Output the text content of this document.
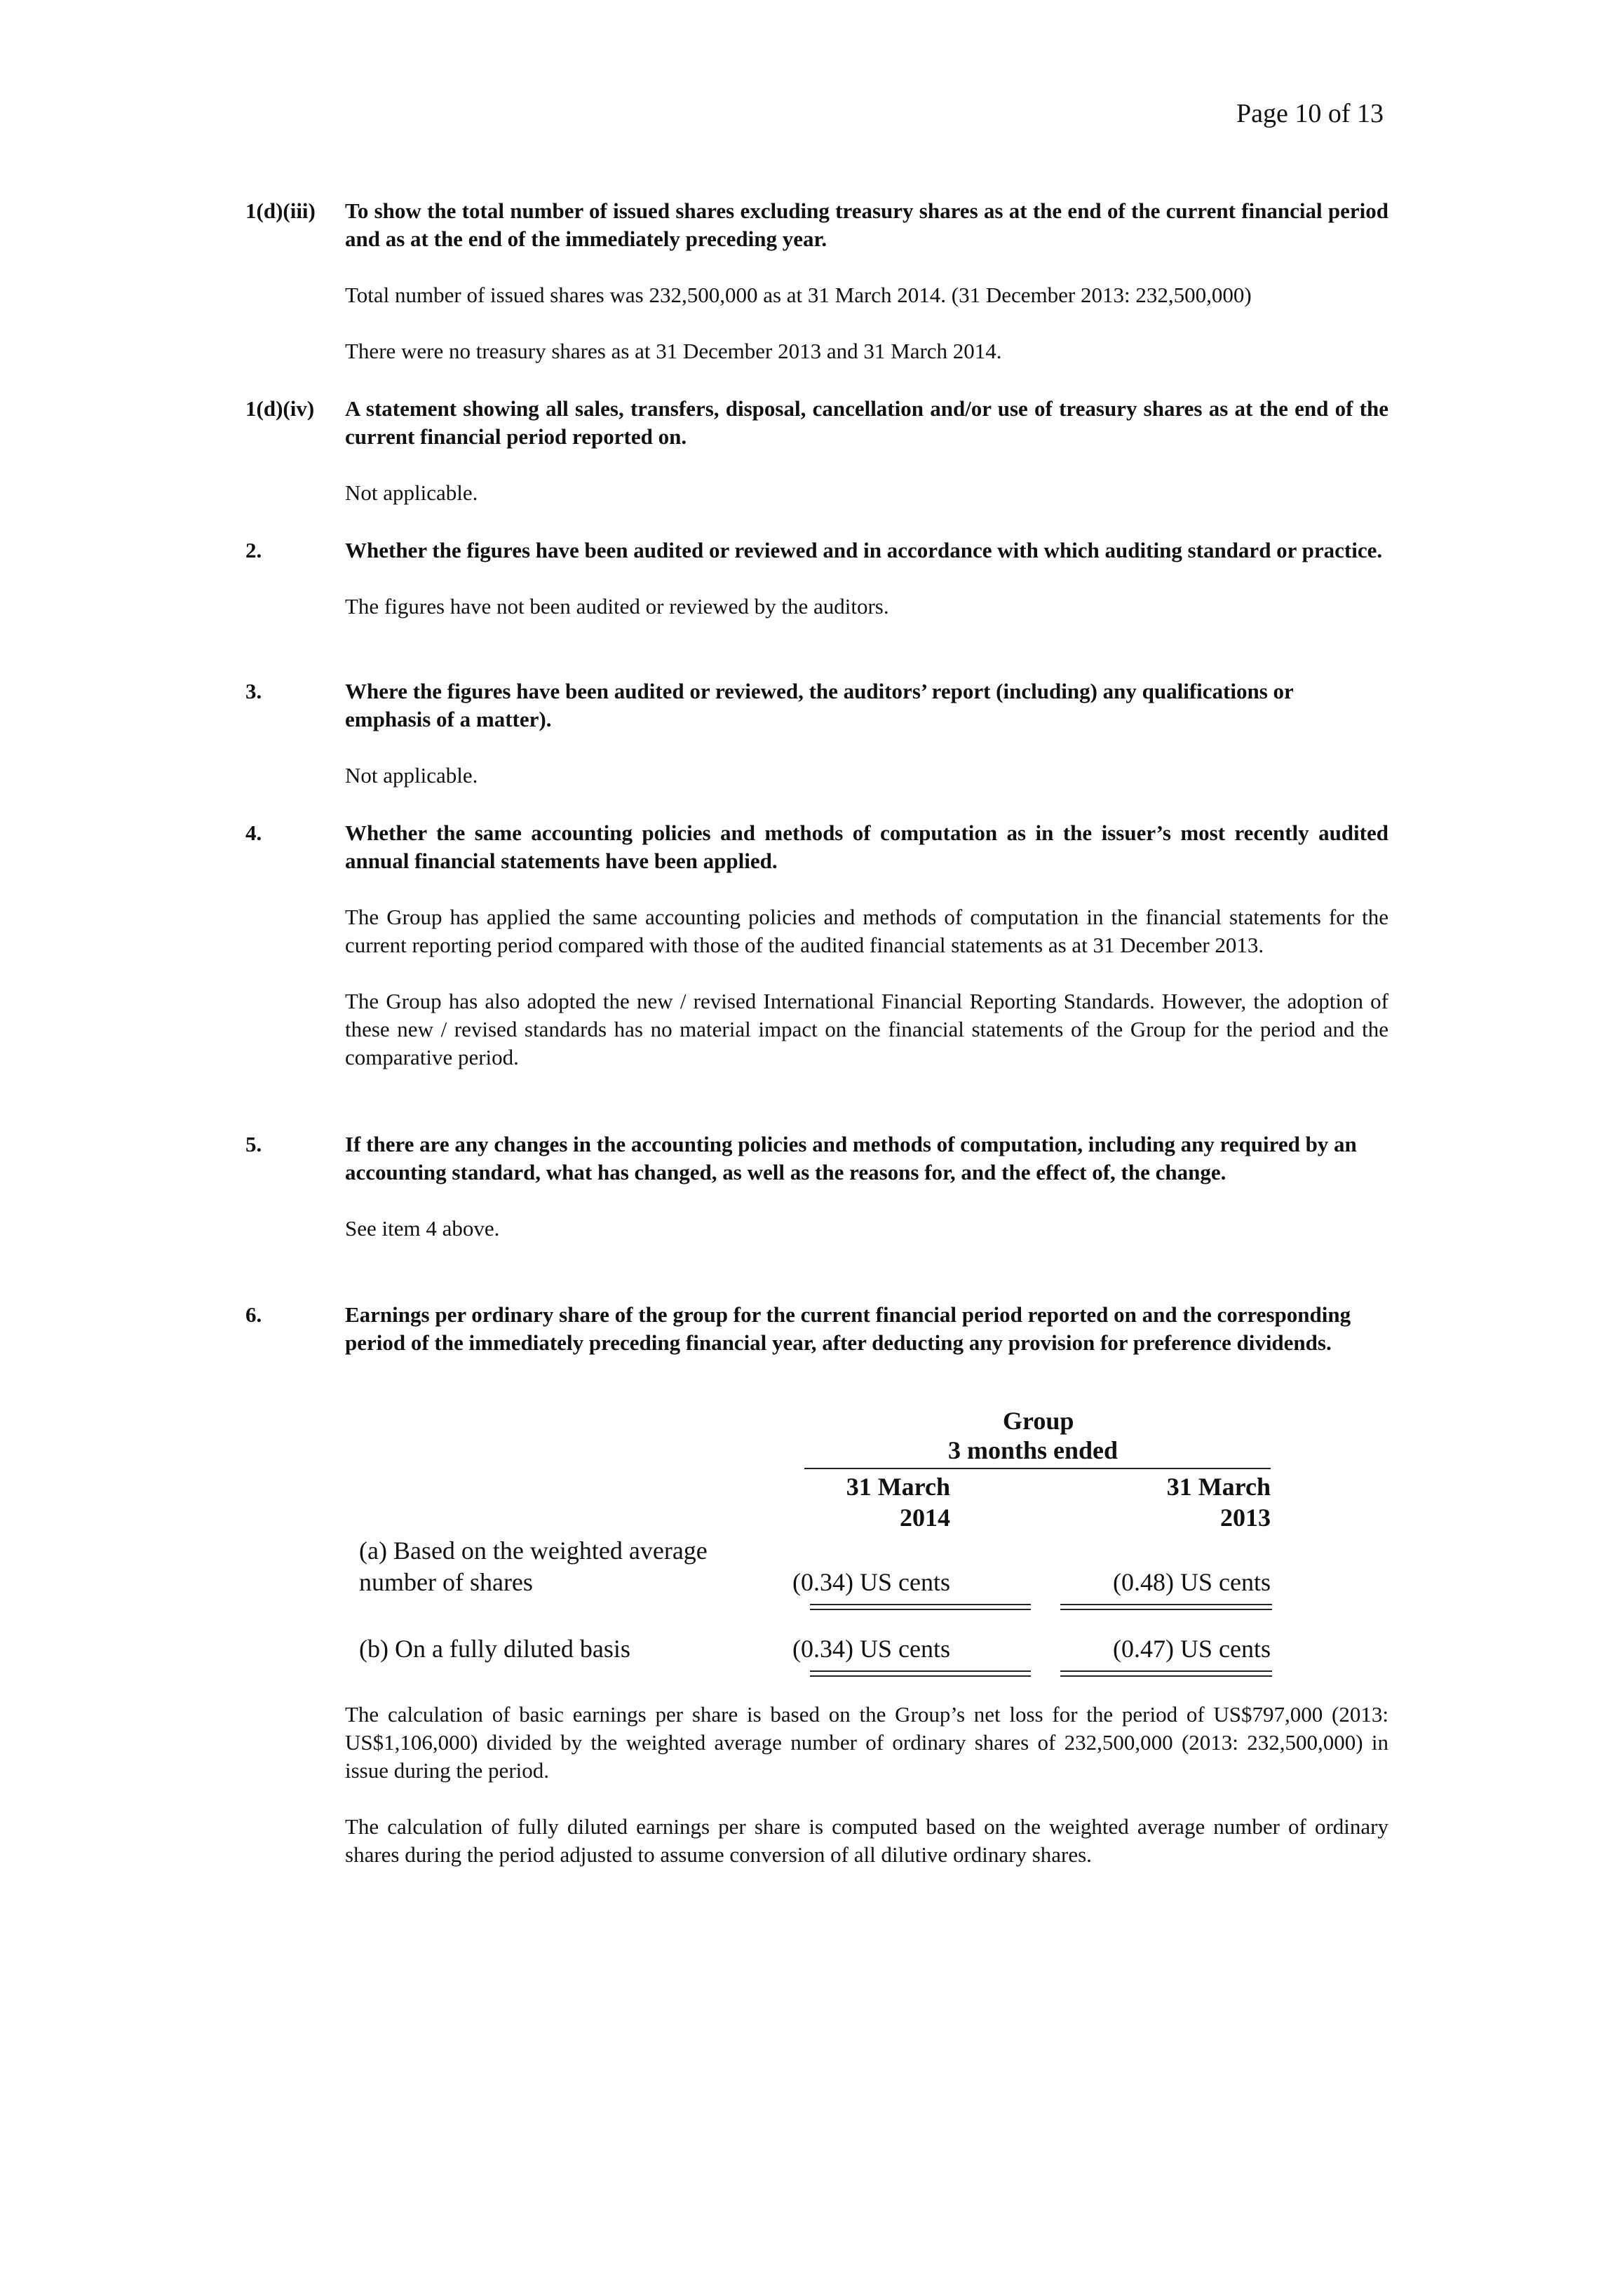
Page 10 of 13
1(d)(iii) To show the total number of issued shares excluding treasury shares as at the end of the current financial period and as at the end of the immediately preceding year.

Total number of issued shares was 232,500,000 as at 31 March 2014. (31 December 2013: 232,500,000)

There were no treasury shares as at 31 December 2013 and 31 March 2014.

1(d)(iv) A statement showing all sales, transfers, disposal, cancellation and/or use of treasury shares as at the end of the current financial period reported on.

Not applicable.

2.	Whether the figures have been audited or reviewed and in accordance with which auditing standard or practice.

The figures have not been audited or reviewed by the auditors.

3.	Where the figures have been audited or reviewed, the auditors’ report (including) any qualifications or emphasis of a matter).

Not applicable.

4.	Whether the same accounting policies and methods of computation as in the issuer’s most recently audited annual financial statements have been applied.

The Group has applied the same accounting policies and methods of computation in the financial statements for the current reporting period compared with those of the audited financial statements as at 31 December 2013.

The Group has also adopted the new / revised International Financial Reporting Standards. However, the adoption of these new / revised standards has no material impact on the financial statements of the Group for the period and the comparative period.

5.	If there are any changes in the accounting policies and methods of computation, including any required by an accounting standard, what has changed, as well as the reasons for, and the effect of, the change.

See item 4 above.

6.	Earnings per ordinary share of the group for the current financial period reported on and the corresponding period of the immediately preceding financial year, after deducting any provision for preference dividends.

Group
3 months ended
31 March
2014
31 March
2013
(a) Based on the weighted average
number of shares	(0.34) US cents	(0.48) US cents
(b) On a fully diluted basis	(0.34) US cents	(0.47) US cents

The calculation of basic earnings per share is based on the Group’s net loss for the period of US$797,000 (2013: US$1,106,000) divided by the weighted average number of ordinary shares of 232,500,000 (2013: 232,500,000) in issue during the period.

The calculation of fully diluted earnings per share is computed based on the weighted average number of ordinary shares during the period adjusted to assume conversion of all dilutive ordinary shares.
